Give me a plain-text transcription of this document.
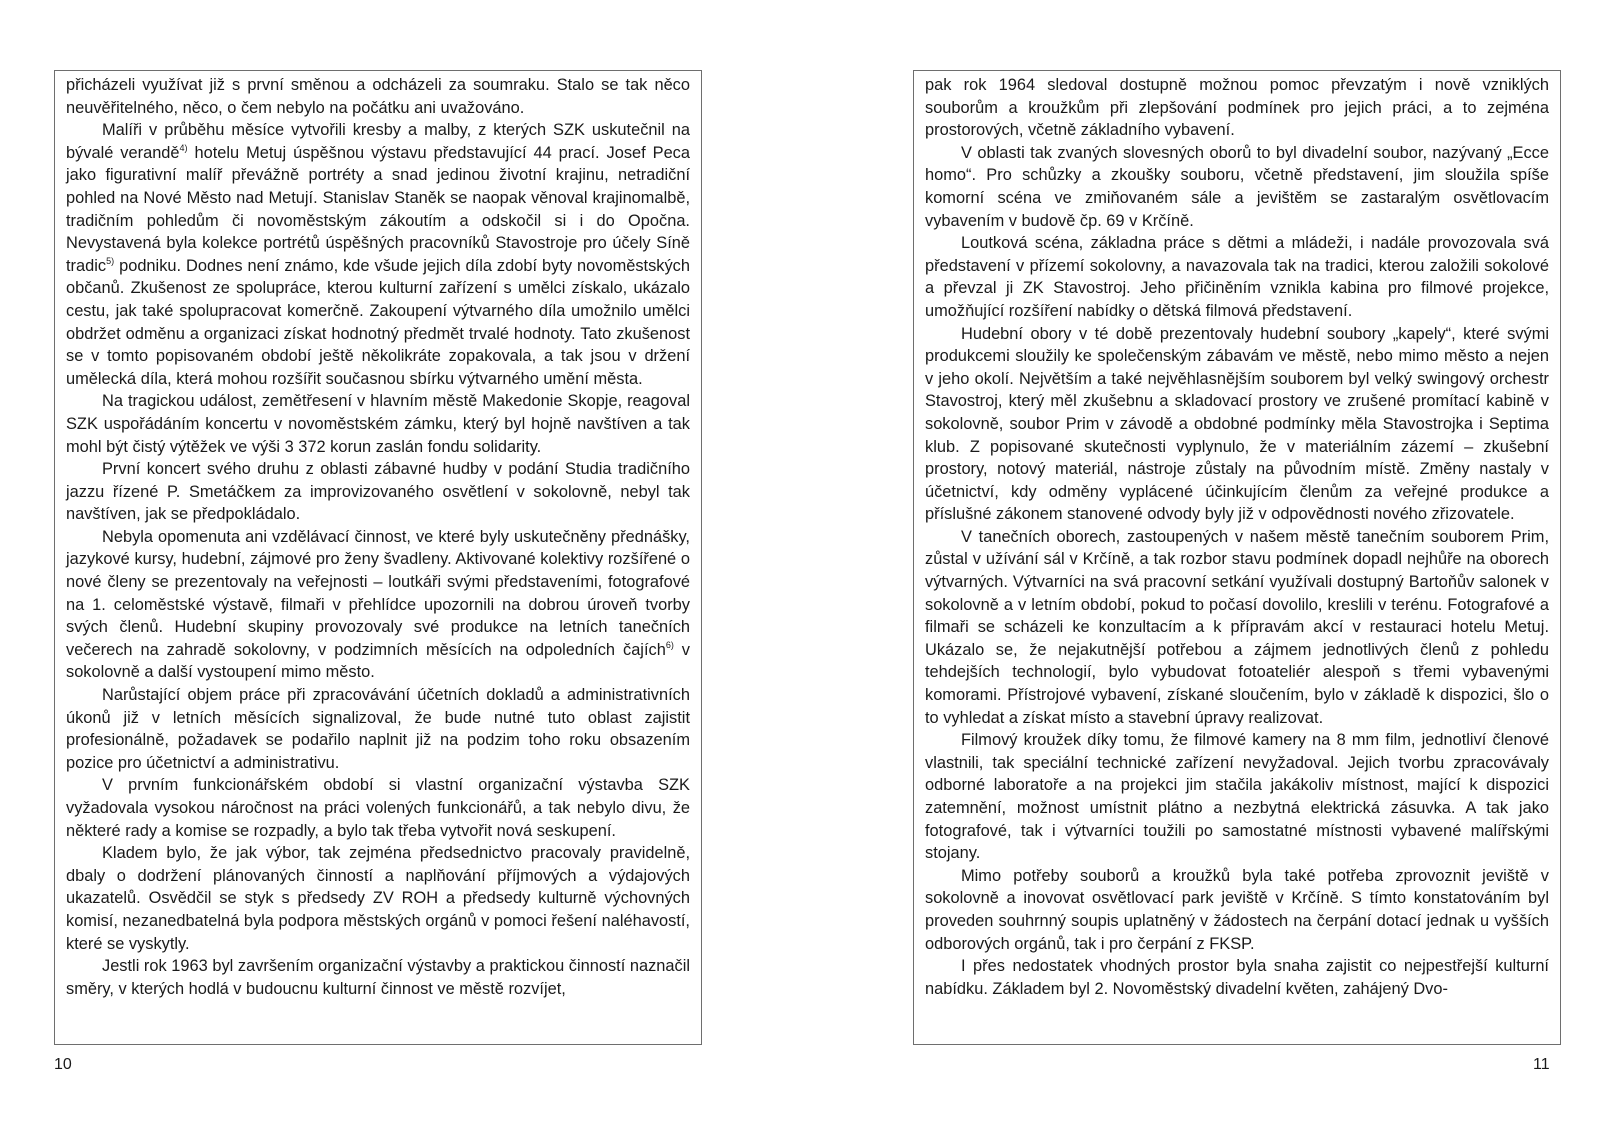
přicházeli využívat již s první směnou a odcházeli za soumraku. Stalo se tak něco neuvěřitelného, něco, o čem nebylo na počátku ani uvažováno.

Malíři v průběhu měsíce vytvořili kresby a malby, z kterých SZK uskutečnil na bývalé verandě$^{4)}$ hotelu Metuj úspěšnou výstavu představující 44 prací. Josef Peca jako figurativní malíř převážně portréty a snad jedinou životní krajinu, netradiční pohled na Nové Město nad Metují. Stanislav Staněk se naopak věnoval krajinomalbě, tradičním pohledům či novoměstským zákoutím a odskočil si i do Opočna. Nevystavená byla kolekce portrétů úspěšných pracovníků Stavostroje pro účely Síně tradic$^{5)}$ podniku. Dodnes není známo, kde všude jejich díla zdobí byty novoměstských občanů. Zkušenost ze spolupráce, kterou kulturní zařízení s umělci získalo, ukázalo cestu, jak také spolupracovat komerčně. Zakoupení výtvarného díla umožnilo umělci obdržet odměnu a organizaci získat hodnotný předmět trvalé hodnoty. Tato zkušenost se v tomto popisovaném období ještě několikráte zopakovala, a tak jsou v držení umělecká díla, která mohou rozšířit současnou sbírku výtvarného umění města.

Na tragickou událost, zemětřesení v hlavním městě Makedonie Skopje, reagoval SZK uspořádáním koncertu v novoměstském zámku, který byl hojně navštíven a tak mohl být čistý výtěžek ve výši 3 372 korun zaslán fondu solidarity.

První koncert svého druhu z oblasti zábavné hudby v podání Studia tradičního jazzu řízené P. Smetáčkem za improvizovaného osvětlení v sokolovně, nebyl tak navštíven, jak se předpokládalo.

Nebyla opomenuta ani vzdělávací činnost, ve které byly uskutečněny přednášky, jazykové kursy, hudební, zájmové pro ženy švadleny. Aktivované kolektivy rozšířené o nové členy se prezentovaly na veřejnosti – loutkáři svými představeními, fotografové na 1. celoměstské výstavě, filmaři v přehlídce upozornili na dobrou úroveň tvorby svých členů. Hudební skupiny provozovaly své produkce na letních tanečních večerech na zahradě sokolovny, v podzimních měsících na odpoledních čajích$^{6)}$ v sokolovně a další vystoupení mimo město.

Narůstající objem práce při zpracovávání účetních dokladů a administrativních úkonů již v letních měsících signalizoval, že bude nutné tuto oblast zajistit profesionálně, požadavek se podařilo naplnit již na podzim toho roku obsazením pozice pro účetnictví a administrativu.

V prvním funkcionářském období si vlastní organizační výstavba SZK vyžadovala vysokou náročnost na práci volených funkcionářů, a tak nebylo divu, že některé rady a komise se rozpadly, a bylo tak třeba vytvořit nová seskupení.

Kladem bylo, že jak výbor, tak zejména předsednictvo pracovaly pravidelně, dbaly o dodržení plánovaných činností a naplňování příjmových a výdajových ukazatelů. Osvědčil se styk s předsedy ZV ROH a předsedy kulturně výchovných komisí, nezanedbatelná byla podpora městských orgánů v pomoci řešení naléhavostí, které se vyskytly.

Jestli rok 1963 byl završením organizační výstavby a praktickou činností naznačil směry, v kterých hodlá v budoucnu kulturní činnost ve městě rozvíjet,

pak rok 1964 sledoval dostupně možnou pomoc převzatým i nově vzniklých souborům a kroužkům při zlepšování podmínek pro jejich práci, a to zejména prostorových, včetně základního vybavení.

V oblasti tak zvaných slovesných oborů to byl divadelní soubor, nazývaný „Ecce homo“. Pro schůzky a zkoušky souboru, včetně představení, jim sloužila spíše komorní scéna ve zmiňovaném sále a jevištěm se zastaralým osvětlovacím vybavením v budově čp. 69 v Krčíně.

Loutková scéna, základna práce s dětmi a mládeži, i nadále provozovala svá představení v přízemí sokolovny, a navazovala tak na tradici, kterou založili sokolové a převzal ji ZK Stavostroj. Jeho přičiněním vznikla kabina pro filmové projekce, umožňující rozšíření nabídky o dětská filmová představení.

Hudební obory v té době prezentovaly hudební soubory „kapely“, které svými produkcemi sloužily ke společenským zábavám ve městě, nebo mimo město a nejen v jeho okolí. Největším a také nejvěhlasnějším souborem byl velký swingový orchestr Stavostroj, který měl zkušebnu a skladovací prostory ve zrušené promítací kabině v sokolovně, soubor Prim v závodě a obdobné podmínky měla Stavostrojka i Septima klub. Z popisované skutečnosti vyplynulo, že v materiálním zázemí – zkušební prostory, notový materiál, nástroje zůstaly na původním místě. Změny nastaly v účetnictví, kdy odměny vyplácené účinkujícím členům za veřejné produkce a příslušné zákonem stanovené odvody byly již v odpovědnosti nového zřizovatele.

V tanečních oborech, zastoupených v našem městě tanečním souborem Prim, zůstal v užívání sál v Krčíně, a tak rozbor stavu podmínek dopadl nejhůře na oborech výtvarných. Výtvarníci na svá pracovní setkání využívali dostupný Bartoňův salonek v sokolovně a v letním období, pokud to počasí dovolilo, kreslili v terénu. Fotografové a filmaři se scházeli ke konzultacím a k přípravám akcí v restauraci hotelu Metuj. Ukázalo se, že nejakutnější potřebou a zájmem jednotlivých členů z pohledu tehdejších technologií, bylo vybudovat fotoateliér alespoň s třemi vybavenými komorami. Přístrojové vybavení, získané sloučením, bylo v základě k dispozici, šlo o to vyhledat a získat místo a stavební úpravy realizovat.

Filmový kroužek díky tomu, že filmové kamery na 8 mm film, jednotliví členové vlastnili, tak speciální technické zařízení nevyžadoval. Jejich tvorbu zpracovávaly odborné laboratoře a na projekci jim stačila jakákoliv místnost, mající k dispozici zatemnění, možnost umístnit plátno a nezbytná elektrická zásuvka. A tak jako fotografové, tak i výtvarníci toužili po samostatné místnosti vybavené malířskými stojany.

Mimo potřeby souborů a kroužků byla také potřeba zprovoznit jeviště v sokolovně a inovovat osvětlovací park jeviště v Krčíně. S tímto konstatováním byl proveden souhrnný soupis uplatněný v žádostech na čerpání dotací jednak u vyšších odborových orgánů, tak i pro čerpání z FKSP.

I přes nedostatek vhodných prostor byla snaha zajistit co nejpestřejší kulturní nabídku. Základem byl 2. Novoměstský divadelní květen, zahájený Dvo-

10	11
